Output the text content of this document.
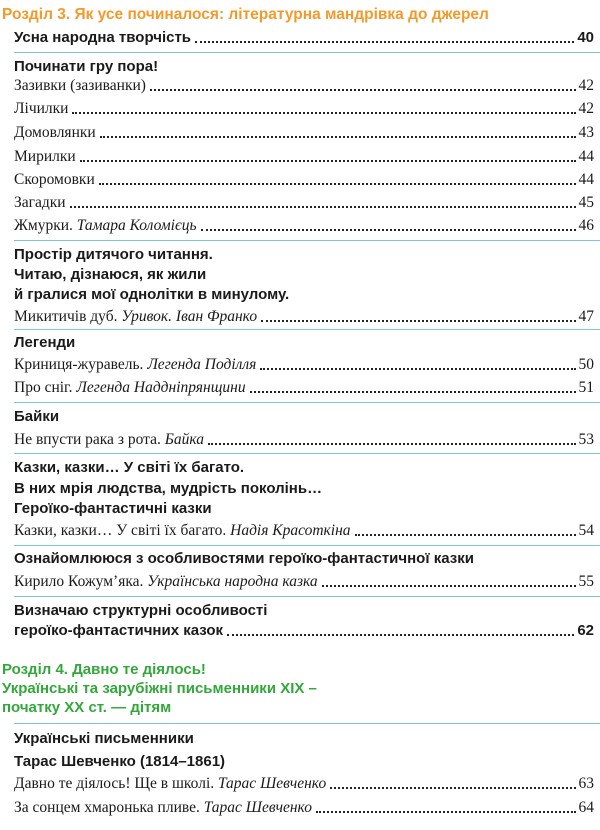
Розділ 3. Як усе починалося: літературна мандрівка до джерел
Усна народна творчість	40
Починати гру пора!
Зазивки (зазиванки)	42
Лічилки	42
Домовлянки	43
Мирилки	44
Скоромовки	44
Загадки	45
Жмурки. Тамара Коломієць	46
Простір дитячого читання.
Читаю, дізнаюся, як жили
й гралися мої однолітки в минулому.
Микитичів дуб. Уривок. Іван Франко	47
Легенди
Криниця-журавель. Легенда Поділля	50
Про сніг. Легенда Наддніпрянщини	51
Байки
Не впусти рака з рота. Байка	53
Казки, казки… У світі їх багато.
В них мрія людства, мудрість поколінь…
Героїко-фантастичні казки
Казки, казки… У світі їх багато. Надія Красоткіна	54
Ознайомлююся з особливостями героїко-фантастичної казки
Кирило Кожум’яка. Українська народна казка	55
Визначаю структурні особливості
героїко-фантастичних казок	62
Розділ 4. Давно те діялось!
Українські та зарубіжні письменники XIX –
початку XX ст. — дітям
Українські письменники
Тарас Шевченко (1814–1861)
Давно те діялось! Ще в школі. Тарас Шевченко	63
За сонцем хмаронька пливе. Тарас Шевченко	64
